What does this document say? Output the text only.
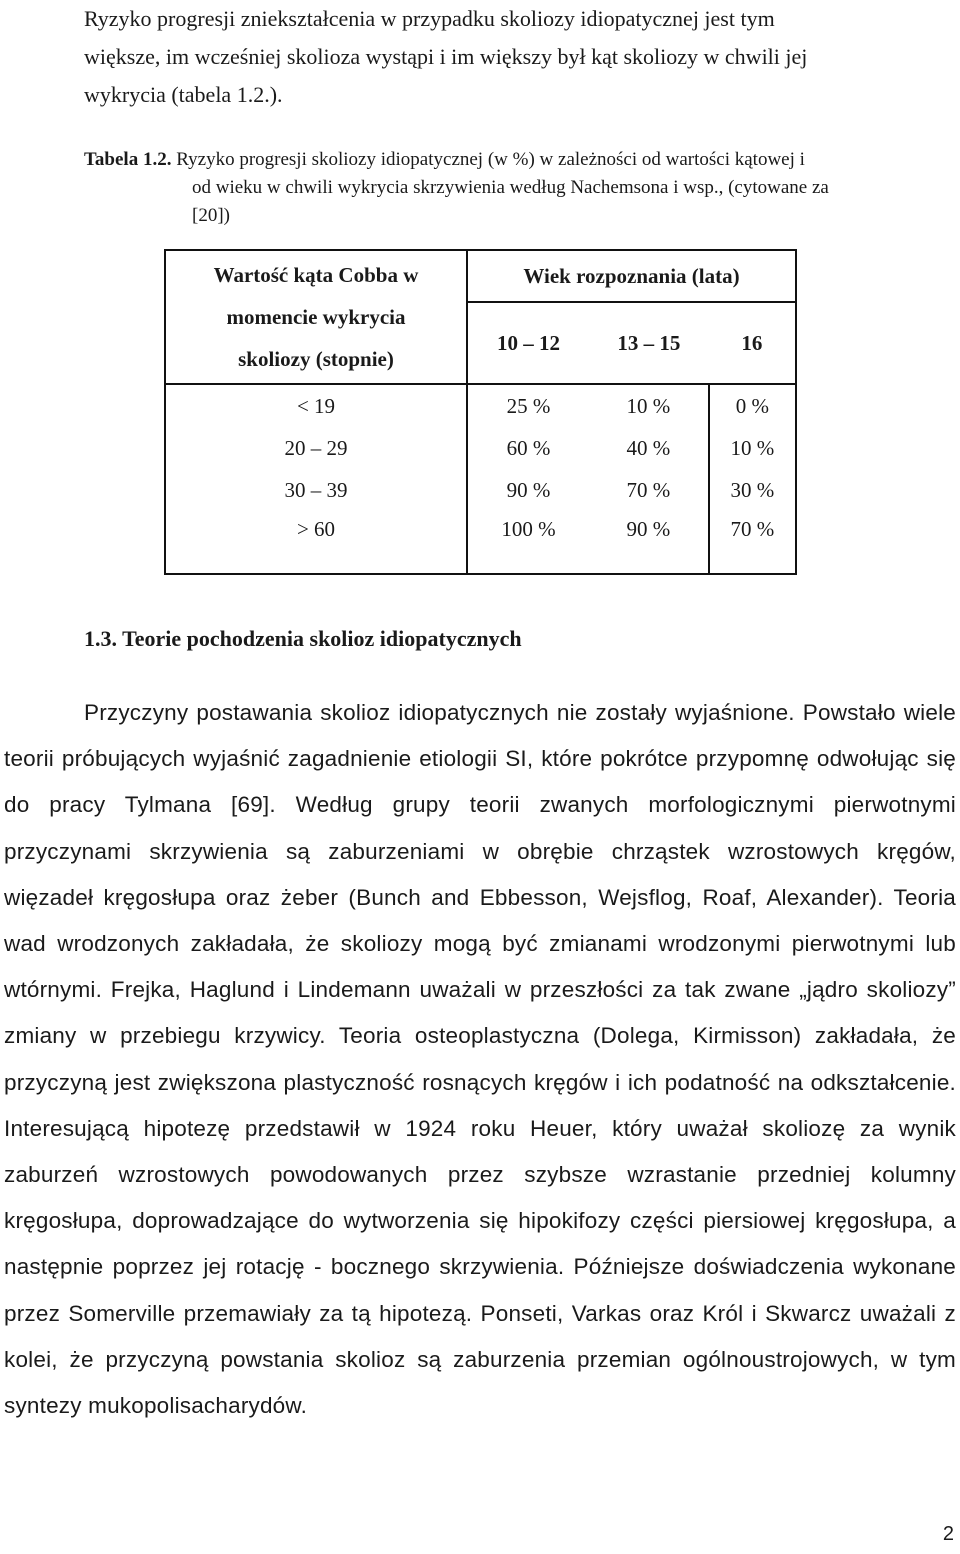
Ryzyko progresji zniekształcenia w przypadku skoliozy idiopatycznej jest tym

większe, im wcześniej skolioza wystąpi i im większy był kąt skoliozy w chwili jej

wykrycia (tabela 1.2.).

Tabela 1.2. Ryzyko progresji skoliozy idiopatycznej (w %) w zależności od wartości kątowej i

od wieku w chwili wykrycia skrzywienia według Nachemsona i wsp., (cytowane za

[20])

Wartość kąta Cobba w
momencie wykrycia
skoliozy (stopnie)	Wiek rozpoznania (lata)		
	10 – 12	13 – 15	16
< 19	25 %	10 %	0 %
20 – 29	60 %	40 %	10 %
30 – 39	90 %	70 %	30 %
> 60	100 %	90 %	70 %
1.3. Teorie pochodzenia skolioz idiopatycznych

Przyczyny postawania skolioz idiopatycznych nie zostały wyjaśnione. Powstało wiele teorii próbujących wyjaśnić zagadnienie etiologii SI, które pokrótce przypomnę odwołując się do pracy Tylmana [69]. Według grupy teorii zwanych morfologicznymi pierwotnymi przyczynami skrzywienia są zaburzeniami w obrębie chrząstek wzrostowych kręgów, więzadeł kręgosłupa oraz żeber (Bunch and Ebbesson, Wejsflog, Roaf, Alexander). Teoria wad wrodzonych zakładała, że skoliozy mogą być zmianami wrodzonymi pierwotnymi lub wtórnymi. Frejka, Haglund i Lindemann uważali w przeszłości za tak zwane „jądro skoliozy” zmiany w przebiegu krzywicy. Teoria osteoplastyczna (Dolega, Kirmisson) zakładała, że przyczyną jest zwiększona plastyczność rosnących kręgów i ich podatność na odkształcenie. Interesującą hipotezę przedstawił w 1924 roku Heuer, który uważał skoliozę za wynik zaburzeń wzrostowych powodowanych przez szybsze wzrastanie przedniej kolumny kręgosłupa, doprowadzające do wytworzenia się hipokifozy części piersiowej kręgosłupa, a następnie poprzez jej rotację - bocznego skrzywienia. Późniejsze doświadczenia wykonane przez Somerville przemawiały za tą hipotezą. Ponseti, Varkas oraz Król i Skwarcz uważali z kolei, że przyczyną powstania skolioz są zaburzenia przemian ogólnoustrojowych, w tym syntezy mukopolisacharydów.

2
